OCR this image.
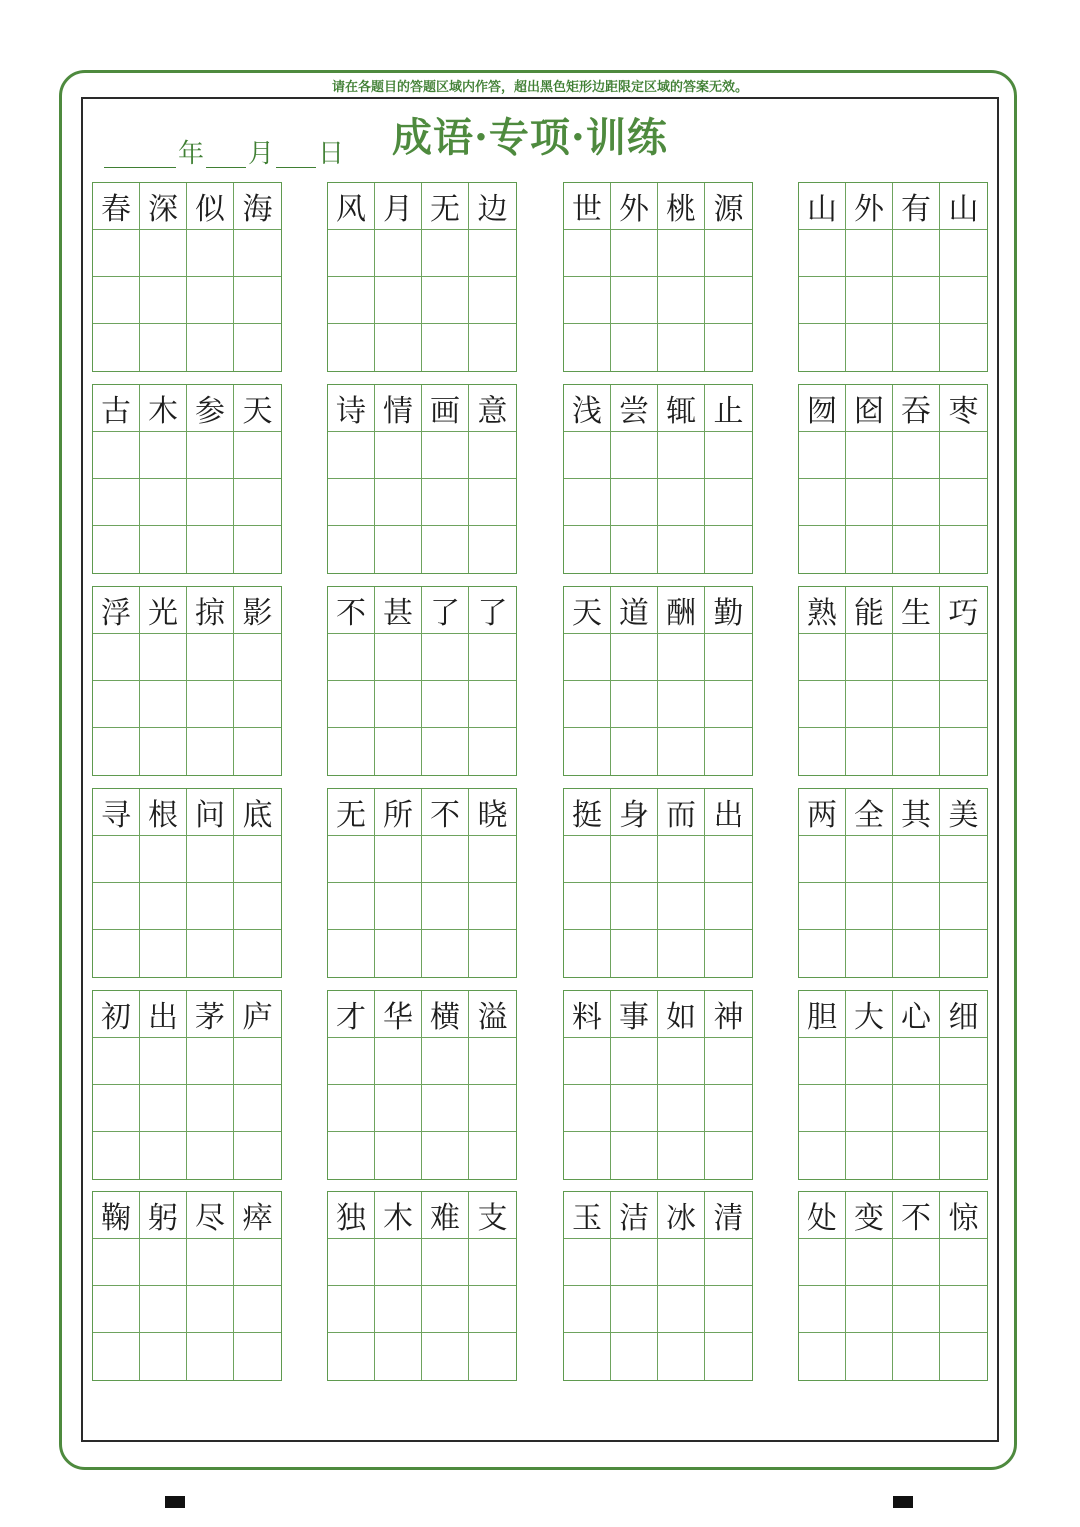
请在各题目的答题区域内作答，超出黑色矩形边距限定区域的答案无效。
年 月 日 成语·专项·训练
春 深 似 海 风 月 无 边 世 外 桃 源 山 外 有 山
古 木 参 天 诗 情 画 意 浅 尝 辄 止 囫 囵 吞 枣
浮 光 掠 影 不 甚 了 了 天 道 酬 勤 熟 能 生 巧
寻 根 问 底 无 所 不 晓 挺 身 而 出 两 全 其 美
初 出 茅 庐 才 华 横 溢 料 事 如 神 胆 大 心 细
鞠 躬 尽 瘁 独 木 难 支 玉 洁 冰 清 处 变 不 惊
